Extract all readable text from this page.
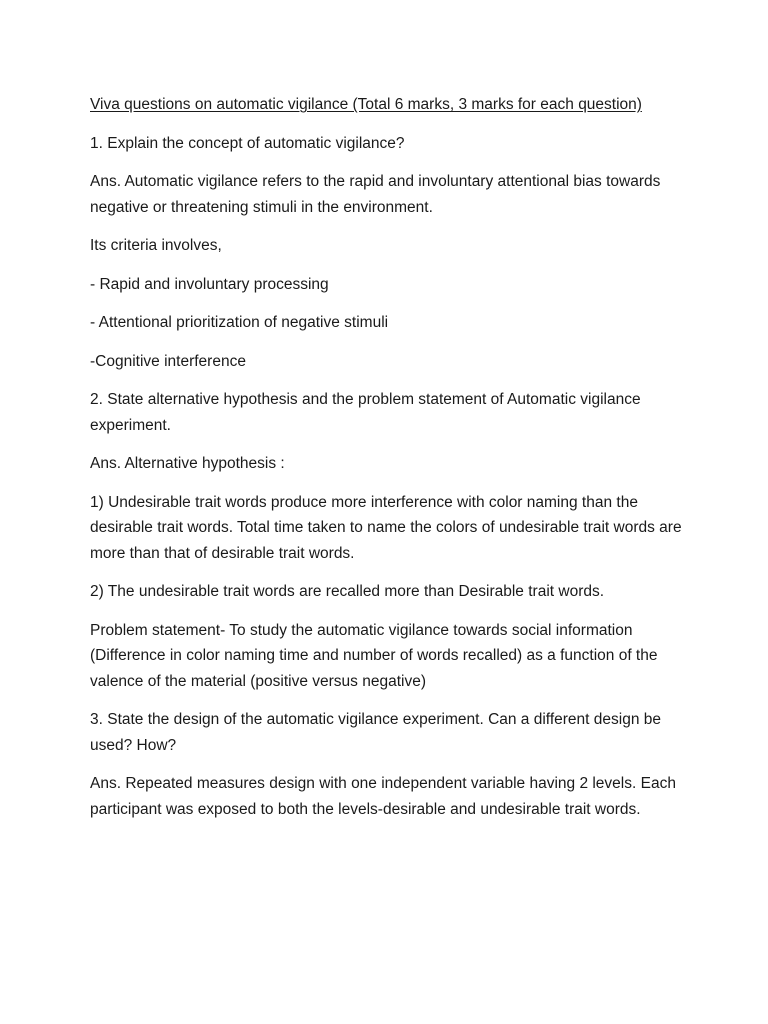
Viva questions on automatic vigilance (Total 6 marks, 3 marks for each question)

1. Explain the concept of automatic vigilance?

Ans. Automatic vigilance refers to the rapid and involuntary attentional bias towards negative or threatening stimuli in the environment.

Its criteria involves,

- Rapid and involuntary processing

- Attentional prioritization of negative stimuli

-Cognitive interference

2. State alternative hypothesis and the problem statement of Automatic vigilance experiment.

Ans. Alternative hypothesis :

1) Undesirable trait words produce more interference with color naming than the desirable trait words. Total time taken to name the colors of undesirable trait words are more than that of desirable trait words.

2) The undesirable trait words are recalled more than Desirable trait words.

Problem statement- To study the automatic vigilance towards social information (Difference in color naming time and number of words recalled) as a function of the valence of the material (positive versus negative)

3. State the design of the automatic vigilance experiment. Can a different design be used? How?

Ans. Repeated measures design with one independent variable having 2 levels. Each participant was exposed to both the levels-desirable and undesirable trait words.
